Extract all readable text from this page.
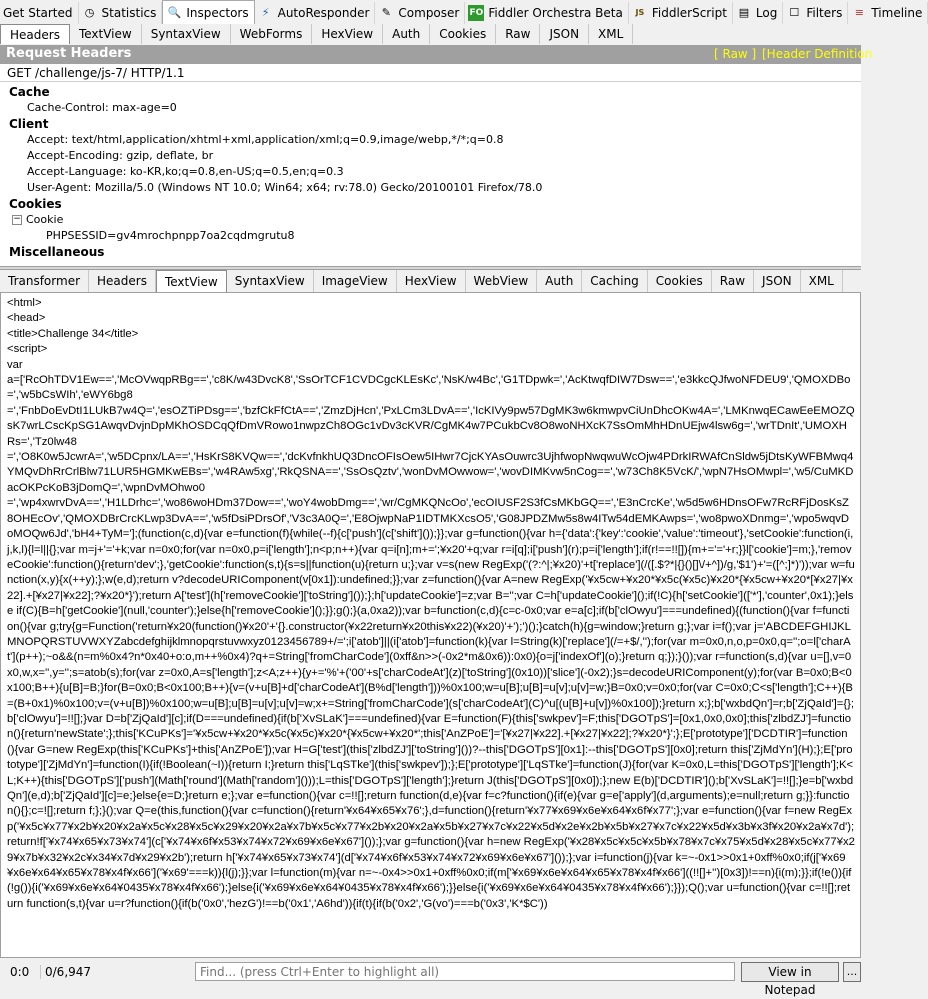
Get Started ◷ Statistics 🔍 Inspectors	⚡ AutoResponder	✎ Composer FO Fiddler Orchestra Beta	JS FiddlerScript ▤ Log ☐ Filters	≡ Timeline
Headers	TextView	SyntaxView	WebForms	HexView	Auth	Cookies	Raw	JSON	XML
Request Headers	[ Raw ] [Header Definition
GET /challenge/js-7/ HTTP/1.1
Cache
Cache-Control: max-age=0
Client
Accept: text/html,application/xhtml+xml,application/xml;q=0.9,image/webp,*/*;q=0.8
Accept-Encoding: gzip, deflate, br
Accept-Language: ko-KR,ko;q=0.8,en-US;q=0.5,en;q=0.3
User-Agent: Mozilla/5.0 (Windows NT 10.0; Win64; x64; rv:78.0) Gecko/20100101 Firefox/78.0
Cookies
− Cookie
PHPSESSID=gv4mrochpnpp7oa2cqdmgrutu8
Miscellaneous
Transformer	Headers	TextView	SyntaxView	ImageView	HexView	WebView	Auth	Caching	Cookies	Raw	JSON	XML
<html>
<head>
<title>Challenge 34</title>
<script>
var
a=['RcOhTDV1Ew==','McOVwqpRBg==','c8K/w43DvcK8','SsOrTCF1CVDCgcKLEsKc','NsK/w4Bc','G1TDpwk=','AcKtwqfDIW7Dsw==','e3kkcQJfwoNFDEU9','QMOXDBo=','w5bCsWIh','eWY6bg8
=','FnbDoEvDtI1LUkB7w4Q=','esOZTiPDsg==','bzfCkFfCtA==','ZmzDjHcn','PxLCm3LDvA==','IcKIVy9pw57DgMK3w6kmwpvCiUnDhcOKw4A=','LMKnwqECawEeEMOZQsK7wrLCscKpSG1AwqvDvjnDpMKhOSDCqQfDmVRowo1nwpzCh8OGc1vDv3cKVR/CgMK4w7PCukbCv8O8woNHXcK7SsOmMhHDnUEjw4lsw6g=','wrTDnIt','UMOXHRs=','Tz0lw48
=','O8K0w5JcwrA=','w5DCpnx/LA==','HsKrS8KVQw==','dcKvfnkhUQ3DncOFIsOew5IHwr7CjcKYAsOuwrc3UjhfwopNwqwuWcOjw4PDrkIRWAfCnSldw5jDtsKyWFBMwq4YMQvDhRrCrlBlw71LUR5HGMKwEBs=','w4RAw5xg','RkQSNA==','SsOsQztv','wonDvMOwwow=','wovDIMKvw5nCog==','w73Ch8K5VcK/','wpN7HsOMwpl=','w5/CuMKDacOKPcKoB3jDomQ=','wpnDvMOhwo0
=','wp4xwrvDvA==','H1LDrhc=','wo86woHDm37Dow==','woY4wobDmg==','wr/CgMKQNcOo','ecOIUSF2S3fCsMKbGQ==','E3nCrcKe','w5d5w6HDnsOFw7RcRFjDosKsZ8OHEcOv','QMOXDBrCrcKLwp3DvA==','w5fDsiPDrsOf','V3c3A0Q=','E8OjwpNaP1IDTMKXcsO5','G08JPDZMw5s8w4ITw54dEMKAwps=','wo8pwoXDnmg=','wpo5wqvDoMOQw6Jd','bH4+TyM='];(function(c,d){var e=function(f){while(--f){c['push'](c['shift']());}};var g=function(){var h={'data':{'key':'cookie','value':'timeout'},'setCookie':function(i,j,k,l){l=l||{};var m=j+'='+k;var n=0x0;for(var n=0x0,p=i['length'];n<p;n++){var q=i[n];m+=';¥x20'+q;var r=i[q];i['push'](r);p=i['length'];if(r!==!![]){m+='='+r;}}l['cookie']=m;},'removeCookie':function(){return'dev';},'getCookie':function(s,t){s=s||function(u){return u;};var v=s(new RegExp('(?:^|;¥x20)'+t['replace'](/([.$?*|{}()[]\/+^])/g,'$1')+'=([^;]*)'));var w=function(x,y){x(++y);};w(e,d);return v?decodeURIComponent(v[0x1]):undefined;}};var z=function(){var A=new RegExp('¥x5cw+¥x20*¥x5c(¥x5c)¥x20*{¥x5cw+¥x20*[¥x27|¥x22].+[¥x27|¥x22];?¥x20*}');return A['test'](h['removeCookie']['toString']());};h['updateCookie']=z;var B='';var C=h['updateCookie']();if(!C){h['setCookie'](['*'],'counter',0x1);}else if(C){B=h['getCookie'](null,'counter');}else{h['removeCookie']();}};g();}(a,0xa2));var b=function(c,d){c=c-0x0;var e=a[c];if(b['clOwyu']===undefined){(function(){var f=function(){var g;try{g=Function('return¥x20(function()¥x20'+'{}.constructor(¥x22return¥x20this¥x22)(¥x20)'+');')();}catch(h){g=window;}return g;};var i=f();var j='ABCDEFGHIJKLMNOPQRSTUVWXYZabcdefghijklmnopqrstuvwxyz0123456789+/=';i['atob']||(i['atob']=function(k){var l=String(k)['replace'](/=+$/,'');for(var m=0x0,n,o,p=0x0,q='';o=l['charAt'](p++);~o&&(n=m%0x4?n*0x40+o:o,m++%0x4)?q+=String['fromCharCode'](0xff&n>>(-0x2*m&0x6)):0x0){o=j['indexOf'](o);}return q;});}());var r=function(s,d){var u=[],v=0x0,w,x='',y='';s=atob(s);for(var z=0x0,A=s['length'];z<A;z++){y+='%'+('00'+s['charCodeAt'](z)['toString'](0x10))['slice'](-0x2);}s=decodeURIComponent(y);for(var B=0x0;B<0x100;B++){u[B]=B;}for(B=0x0;B<0x100;B++){v=(v+u[B]+d['charCodeAt'](B%d['length']))%0x100;w=u[B];u[B]=u[v];u[v]=w;}B=0x0;v=0x0;for(var C=0x0;C<s['length'];C++){B=(B+0x1)%0x100;v=(v+u[B])%0x100;w=u[B];u[B]=u[v];u[v]=w;x+=String['fromCharCode'](s['charCodeAt'](C)^u[(u[B]+u[v])%0x100]);}return x;};b['wxbdQn']=r;b['ZjQaId']={};b['clOwyu']=!![];}var D=b['ZjQaId'][c];if(D===undefined){if(b['XvSLaK']===undefined){var E=function(F){this['swkpev']=F;this['DGOTpS']=[0x1,0x0,0x0];this['zlbdZJ']=function(){return'newState';};this['KCuPKs']='¥x5cw+¥x20*¥x5c(¥x5c)¥x20*{¥x5cw+¥x20*';this['AnZPoE']='[¥x27|¥x22].+[¥x27|¥x22];?¥x20*}';};E['prototype']['DCDTIR']=function(){var G=new RegExp(this['KCuPKs']+this['AnZPoE']);var H=G['test'](this['zlbdZJ']['toString']())?--this['DGOTpS'][0x1]:--this['DGOTpS'][0x0];return this['ZjMdYn'](H);};E['prototype']['ZjMdYn']=function(I){if(!Boolean(~I)){return I;}return this['LqSTke'](this['swkpev']);};E['prototype']['LqSTke']=function(J){for(var K=0x0,L=this['DGOTpS']['length'];K<L;K++){this['DGOTpS']['push'](Math['round'](Math['random']()));L=this['DGOTpS']['length'];}return J(this['DGOTpS'][0x0]);};new E(b)['DCDTIR']();b['XvSLaK']=!![];}e=b['wxbdQn'](e,d);b['ZjQaId'][c]=e;}else{e=D;}return e;};var e=function(){var c=!![];return function(d,e){var f=c?function(){if(e){var g=e['apply'](d,arguments);e=null;return g;}}:function(){};c=![];return f;};}();var Q=e(this,function(){var c=function(){return'¥x64¥x65¥x76';},d=function(){return'¥x77¥x69¥x6e¥x64¥x6f¥x77';};var e=function(){var f=new RegExp('¥x5c¥x77¥x2b¥x20¥x2a¥x5c¥x28¥x5c¥x29¥x20¥x2a¥x7b¥x5c¥x77¥x2b¥x20¥x2a¥x5b¥x27¥x7c¥x22¥x5d¥x2e¥x2b¥x5b¥x27¥x7c¥x22¥x5d¥x3b¥x3f¥x20¥x2a¥x7d');return!f['¥x74¥x65¥x73¥x74'](c['¥x74¥x6f¥x53¥x74¥x72¥x69¥x6e¥x67']());};var g=function(){var h=new RegExp('¥x28¥x5c¥x5c¥x5b¥x78¥x7c¥x75¥x5d¥x28¥x5c¥x77¥x29¥x7b¥x32¥x2c¥x34¥x7d¥x29¥x2b');return h['¥x74¥x65¥x73¥x74'](d['¥x74¥x6f¥x53¥x74¥x72¥x69¥x6e¥x67']());};var i=function(j){var k=~-0x1>>0x1+0xff%0x0;if(j['¥x69¥x6e¥x64¥x65¥x78¥x4f¥x66']('¥x69'===k)){l(j);}};var l=function(m){var n=~-0x4>>0x1+0xff%0x0;if(m['¥x69¥x6e¥x64¥x65¥x78¥x4f¥x66']((!![]+'')[0x3])!==n){i(m);}};if(!e()){if(!g()){i('¥x69¥x6e¥x64¥0435¥x78¥x4f¥x66');}else{i('¥x69¥x6e¥x64¥0435¥x78¥x4f¥x66');}}else{i('¥x69¥x6e¥x64¥0435¥x78¥x4f¥x66');}});Q();var u=function(){var c=!![];return function(s,t){var u=r?function(){if(b('0x0','hezG')!==b('0x1','A6hd')){if(t){if(b('0x2','G(vo')===b('0x3','K*$C'))
0:0	0/6,947
Find... (press Ctrl+Enter to highlight all)	View in Notepad
...
